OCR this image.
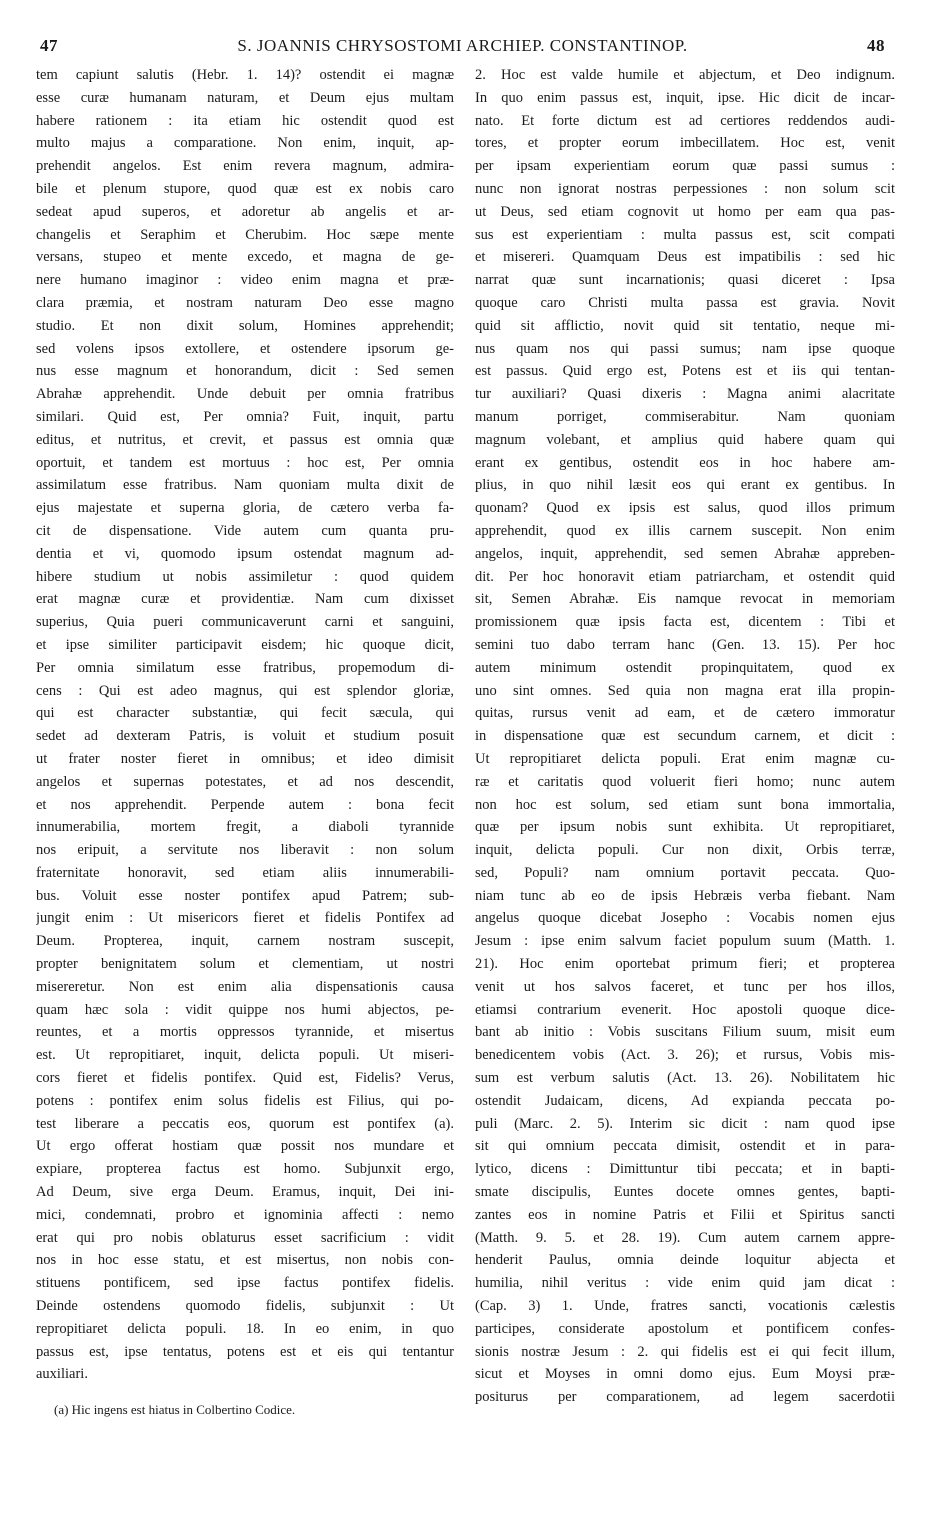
47	S. JOANNIS CHRYSOSTOMI ARCHIEP. CONSTANTINOP.	48
tem capiunt salutis (Hebr. 1. 14)? ostendit ei magnæ
esse curæ humanam naturam, et Deum ejus multam
habere rationem : ita etiam hic ostendit quod est
multo majus a comparatione. Non enim, inquit, ap-
prehendit angelos. Est enim revera magnum, admira-
bile et plenum stupore, quod quæ est ex nobis caro
sedeat apud superos, et adoretur ab angelis et ar-
changelis et Seraphim et Cherubim. Hoc sæpe mente
versans, stupeo et mente excedo, et magna de ge-
nere humano imaginor : video enim magna et præ-
clara præmia, et nostram naturam Deo esse magno
studio. Et non dixit solum, Homines apprehendit;
sed volens ipsos extollere, et ostendere ipsorum ge-
nus esse magnum et honorandum, dicit : Sed semen
Abrahæ apprehendit. Unde debuit per omnia fratribus
similari. Quid est, Per omnia? Fuit, inquit, partu
editus, et nutritus, et crevit, et passus est omnia quæ
oportuit, et tandem est mortuus : hoc est, Per omnia
assimilatum esse fratribus. Nam quoniam multa dixit de
ejus majestate et superna gloria, de cætero verba fa-
cit de dispensatione. Vide autem cum quanta pru-
dentia et vi, quomodo ipsum ostendat magnum ad-
hibere studium ut nobis assimiletur : quod quidem
erat magnæ curæ et providentiæ. Nam cum dixisset
superius, Quia pueri communicaverunt carni et sanguini,
et ipse similiter participavit eisdem; hic quoque dicit,
Per omnia similatum esse fratribus, propemodum di-
cens : Qui est adeo magnus, qui est splendor gloriæ,
qui est character substantiæ, qui fecit sæcula, qui
sedet ad dexteram Patris, is voluit et studium posuit
ut frater noster fieret in omnibus; et ideo dimisit
angelos et supernas potestates, et ad nos descendit,
et nos apprehendit. Perpende autem : bona fecit
innumerabilia, mortem fregit, a diaboli tyrannide
nos eripuit, a servitute nos liberavit : non solum
fraternitate honoravit, sed etiam aliis innumerabili-
bus. Voluit esse noster pontifex apud Patrem; sub-
jungit enim : Ut misericors fieret et fidelis Pontifex ad
Deum. Propterea, inquit, carnem nostram suscepit,
propter benignitatem solum et clementiam, ut nostri
misereretur. Non est enim alia dispensationis causa
quam hæc sola : vidit quippe nos humi abjectos, pe-
reuntes, et a mortis oppressos tyrannide, et misertus
est. Ut repropitiaret, inquit, delicta populi. Ut miseri-
cors fieret et fidelis pontifex. Quid est, Fidelis? Verus,
potens : pontifex enim solus fidelis est Filius, qui po-
test liberare a peccatis eos, quorum est pontifex (a).
Ut ergo offerat hostiam quæ possit nos mundare et
expiare, propterea factus est homo. Subjunxit ergo,
Ad Deum, sive erga Deum. Eramus, inquit, Dei ini-
mici, condemnati, probro et ignominia affecti : nemo
erat qui pro nobis oblaturus esset sacrificium : vidit
nos in hoc esse statu, et est misertus, non nobis con-
stituens pontificem, sed ipse factus pontifex fidelis.
Deinde ostendens quomodo fidelis, subjunxit : Ut
repropitiaret delicta populi. 18. In eo enim, in quo
passus est, ipse tentatus, potens est et eis qui tentantur
auxiliari.
(a) Hic ingens est hiatus in Colbertino Codice.
2. Hoc est valde humile et abjectum, et Deo indignum.
In quo enim passus est, inquit, ipse. Hic dicit de incar-
nato. Et forte dictum est ad certiores reddendos audi-
tores, et propter eorum imbecillatem. Hoc est, venit
per ipsam experientiam eorum quæ passi sumus :
nunc non ignorat nostras perpessiones : non solum scit
ut Deus, sed etiam cognovit ut homo per eam qua pas-
sus est experientiam : multa passus est, scit compati
et misereri. Quamquam Deus est impatibilis : sed hic
narrat quæ sunt incarnationis; quasi diceret : Ipsa
quoque caro Christi multa passa est gravia. Novit
quid sit afflictio, novit quid sit tentatio, neque mi-
nus quam nos qui passi sumus; nam ipse quoque
est passus. Quid ergo est, Potens est et iis qui tentan-
tur auxiliari? Quasi dixeris : Magna animi alacritate
manum porriget, commiserabitur. Nam quoniam
magnum volebant, et amplius quid habere quam qui
erant ex gentibus, ostendit eos in hoc habere am-
plius, in quo nihil læsit eos qui erant ex gentibus. In
quonam? Quod ex ipsis est salus, quod illos primum
apprehendit, quod ex illis carnem suscepit. Non enim
angelos, inquit, apprehendit, sed semen Abrahæ appreben-
dit. Per hoc honoravit etiam patriarcham, et ostendit quid
sit, Semen Abrahæ. Eis namque revocat in memoriam
promissionem quæ ipsis facta est, dicentem : Tibi et
semini tuo dabo terram hanc (Gen. 13. 15). Per hoc
autem minimum ostendit propinquitatem, quod ex
uno sint omnes. Sed quia non magna erat illa propin-
quitas, rursus venit ad eam, et de cætero immoratur
in dispensatione quæ est secundum carnem, et dicit :
Ut repropitiaret delicta populi. Erat enim magnæ cu-
ræ et caritatis quod voluerit fieri homo; nunc autem
non hoc est solum, sed etiam sunt bona immortalia,
quæ per ipsum nobis sunt exhibita. Ut repropitiaret,
inquit, delicta populi. Cur non dixit, Orbis terræ,
sed, Populi? nam omnium portavit peccata. Quo-
niam tunc ab eo de ipsis Hebræis verba fiebant. Nam
angelus quoque dicebat Josepho : Vocabis nomen ejus
Jesum : ipse enim salvum faciet populum suum (Matth. 1.
21). Hoc enim oportebat primum fieri; et propterea
venit ut hos salvos faceret, et tunc per hos illos,
etiamsi contrarium evenerit. Hoc apostoli quoque dice-
bant ab initio : Vobis suscitans Filium suum, misit eum
benedicentem vobis (Act. 3. 26); et rursus, Vobis mis-
sum est verbum salutis (Act. 13. 26). Nobilitatem hic
ostendit Judaicam, dicens, Ad expianda peccata po-
puli (Marc. 2. 5). Interim sic dicit : nam quod ipse
sit qui omnium peccata dimisit, ostendit et in para-
lytico, dicens : Dimittuntur tibi peccata; et in bapti-
smate discipulis, Euntes docete omnes gentes, bapti-
zantes eos in nomine Patris et Filii et Spiritus sancti
(Matth. 9. 5. et 28. 19). Cum autem carnem appre-
henderit Paulus, omnia deinde loquitur abjecta et
humilia, nihil veritus : vide enim quid jam dicat :
(Cap. 3) 1. Unde, fratres sancti, vocationis cælestis
participes, considerate apostolum et pontificem confes-
sionis nostræ Jesum : 2. qui fidelis est ei qui fecit illum,
sicut et Moyses in omni domo ejus. Eum Moysi præ-
positurus per comparationem, ad legem sacerdotii
